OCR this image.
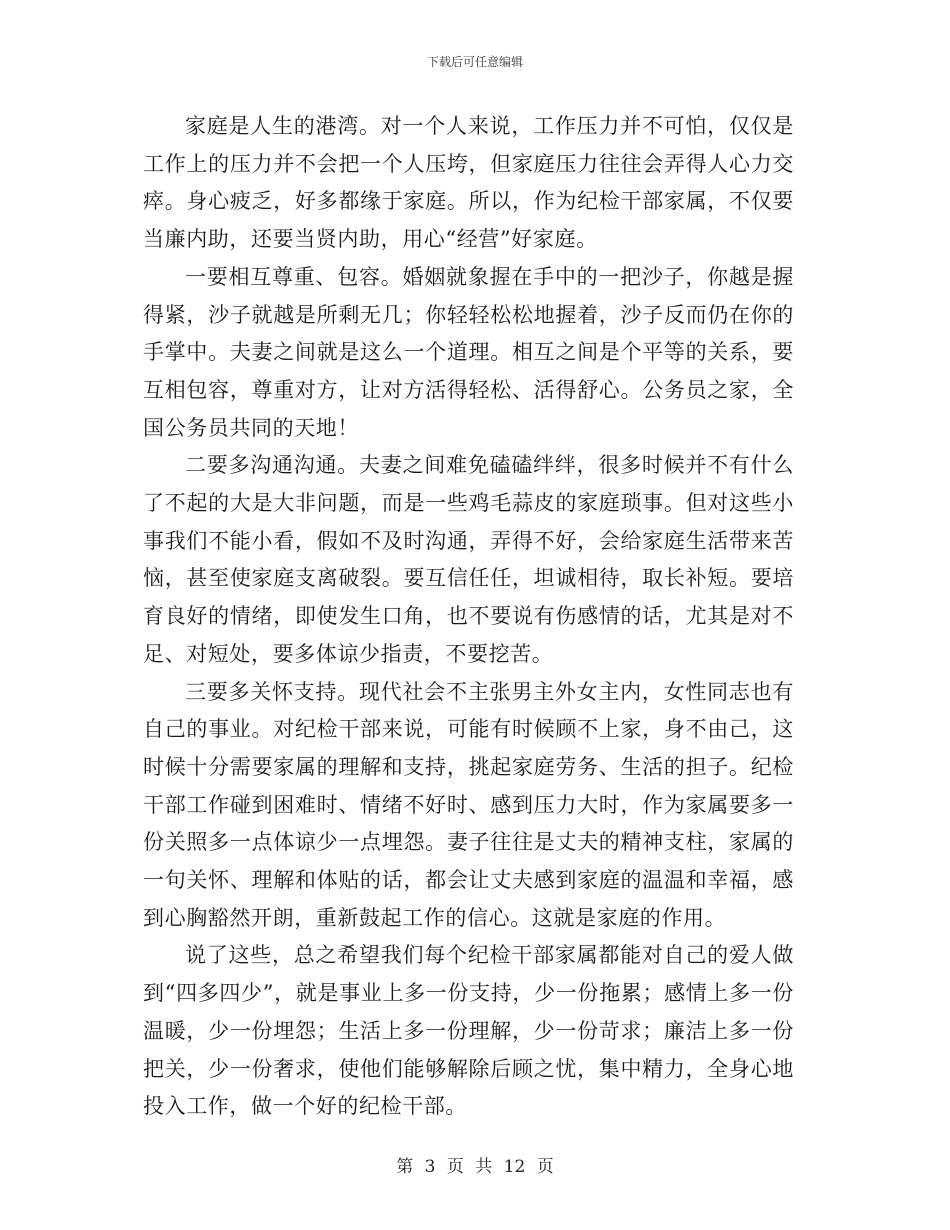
下载后可任意编辑

家庭是人生的港湾。对一个人来说，工作压力并不可怕，仅仅是工作上的压力并不会把一个人压垮，但家庭压力往往会弄得人心力交瘁。身心疲乏，好多都缘于家庭。所以，作为纪检干部家属，不仅要当廉内助，还要当贤内助，用心“经营”好家庭。

一要相互尊重、包容。婚姻就象握在手中的一把沙子，你越是握得紧，沙子就越是所剩无几；你轻轻松松地握着，沙子反而仍在你的手掌中。夫妻之间就是这么一个道理。相互之间是个平等的关系，要互相包容，尊重对方，让对方活得轻松、活得舒心。公务员之家，全国公务员共同的天地！

二要多沟通沟通。夫妻之间难免磕磕绊绊，很多时候并不有什么了不起的大是大非问题，而是一些鸡毛蒜皮的家庭琐事。但对这些小事我们不能小看，假如不及时沟通，弄得不好，会给家庭生活带来苦恼，甚至使家庭支离破裂。要互信任任，坦诚相待，取长补短。要培育良好的情绪，即使发生口角，也不要说有伤感情的话，尤其是对不足、对短处，要多体谅少指责，不要挖苦。

三要多关怀支持。现代社会不主张男主外女主内，女性同志也有自己的事业。对纪检干部来说，可能有时候顾不上家，身不由己，这时候十分需要家属的理解和支持，挑起家庭劳务、生活的担子。纪检干部工作碰到困难时、情绪不好时、感到压力大时，作为家属要多一份关照多一点体谅少一点埋怨。妻子往往是丈夫的精神支柱，家属的一句关怀、理解和体贴的话，都会让丈夫感到家庭的温温和幸福，感到心胸豁然开朗，重新鼓起工作的信心。这就是家庭的作用。

说了这些，总之希望我们每个纪检干部家属都能对自己的爱人做到“四多四少”，就是事业上多一份支持，少一份拖累；感情上多一份温暖，少一份埋怨；生活上多一份理解，少一份苛求；廉洁上多一份把关，少一份奢求，使他们能够解除后顾之忧，集中精力，全身心地投入工作，做一个好的纪检干部。

第 3 页 共 12 页
